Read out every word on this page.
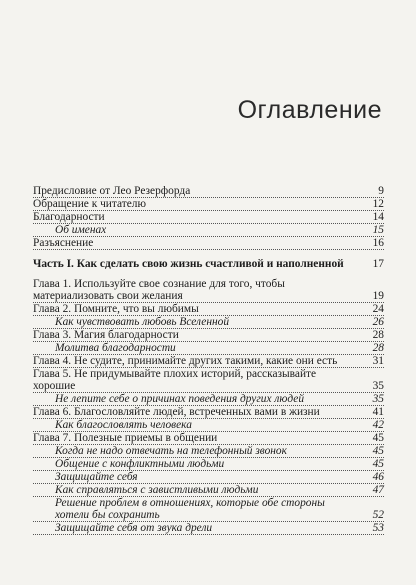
Оглавление
Предисловие от Лео Резерфорда	9
Обращение к читателю	12
Благодарности	14
Об именах	15
Разъяснение	16
Часть I. Как сделать свою жизнь счастливой и наполненной	17
Глава 1. Используйте свое сознание для того, чтобы материализовать свои желания	19
Глава 2. Помните, что вы любимы	24
Как чувствовать любовь Вселенной	26
Глава 3. Магия благодарности	28
Молитва благодарности	28
Глава 4. Не судите, принимайте других такими, какие они есть	31
Глава 5. Не придумывайте плохих историй, рассказывайте хорошие	35
Не лепите себе о причинах поведения других людей	35
Глава 6. Благословляйте людей, встреченных вами в жизни	41
Как благословлять человека	42
Глава 7. Полезные приемы в общении	45
Когда не надо отвечать на телефонный звонок	45
Общение с конфликтными людьми	45
Защищайте себя	46
Как справляться с завистливыми людьми	47
Решение проблем в отношениях, которые обе стороны хотели бы сохранить	52
Защищайте себя от звука дрели	53
